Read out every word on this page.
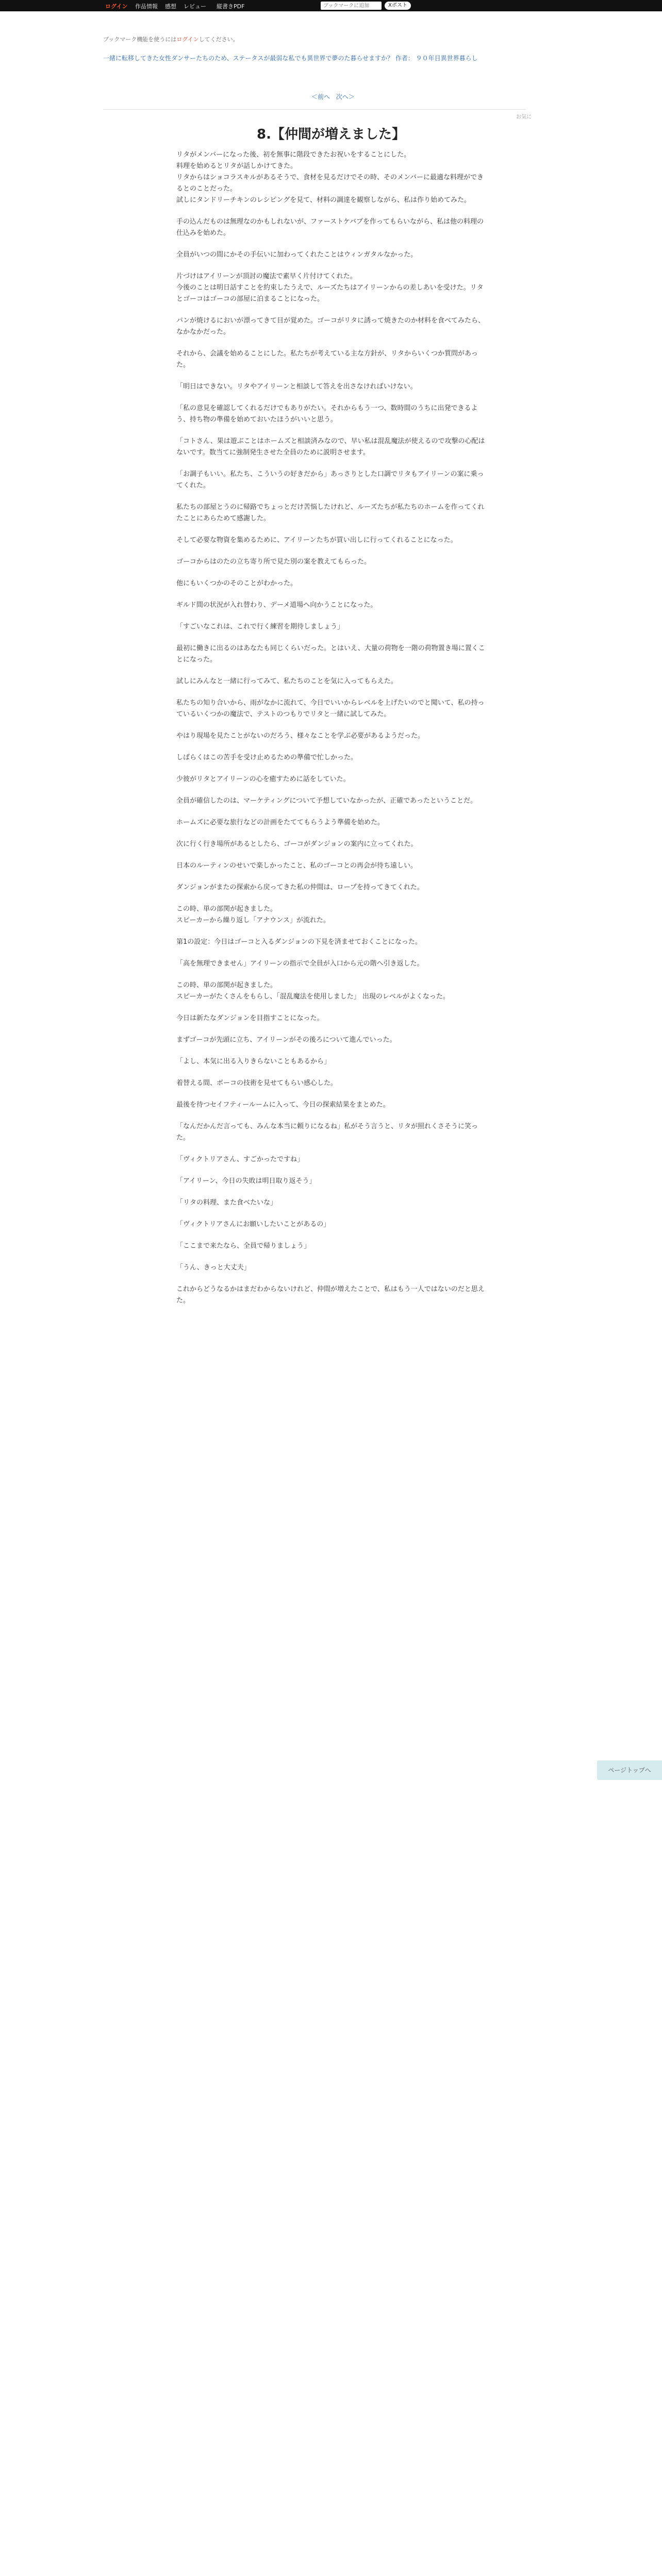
ログイン 作品情報 感想 レビュー 縦書きPDF
ブックマークに追加	Xポスト
ブックマーク機能を使うにはログインしてください。
一緒に転移してきた女性ダンサーたちのため、ステータスが最弱な私でも異世界で夢のた暮らせますか？ 作者： ９０年目異世界暮らし
＜前へ 次へ＞
お気に
8.【仲間が増えました】

リタがメンバーになった後、初を無事に階段できたお祝いをすることにした。
料理を始めるとリタが話しかけてきた。
リタからはショコラスキルがあるそうで、食材を見るだけでその時、そのメンバーに最適な料理ができるとのことだった。
試しにタンドリーチキンのレシピングを見て、材料の調達を観察しながら、私は作り始めてみた。

手の込んだものは無理なのかもしれないが、ファーストケバブを作ってもらいながら、私は他の料理の仕込みを始めた。

全員がいつの間にかその手伝いに加わってくれたことはウィンガタルなかった。

片づけはアイリーンが頂討の魔法で素早く片付けてくれた。
今後のことは明日話すことを約束したうえで、ルーズたちはアイリーンからの差しあいを受けた。リタとゴーコはゴーコの部屋に泊まることになった。

パンが焼けるにおいが漂ってきて目が覚めた。ゴーコがリタに誘って焼きたのか材料を食べてみたら、なかなかだった。

それから、会議を始めることにした。私たちが考えている主な方針が、リタからいくつか質問があった。

「明日はできない。リタやアイリーンと相談して答えを出さなければいけない。

「私の意見を確認してくれるだけでもありがたい。それからもう一つ、数時間のうちに出発できるよう、持ち物の準備を始めておいたほうがいいと思う。

「コトさん、果は遊ぶことはホームズと相談済みなので、早い私は混乱魔法が使えるので攻撃の心配はないです。数当てに強制発生させた全員のために説明させます。

「お調子もいい。私たち、こういうの好きだから」あっさりとした口調でリタもアイリーンの案に乗ってくれた。

私たちの部屋とうのに帰路でちょっとだけ苦悩したけれど、ルーズたちが私たちのホームを作ってくれたことにあらためて感謝した。

そして必要な物資を集めるために、アイリーンたちが買い出しに行ってくれることになった。

ゴーコからはのたの立ち寄り所で見た別の案を教えてもらった。

他にもいくつかのそのことがわかった。

ギルド間の状況が入れ替わり、デーメ道場へ向かうことになった。

「すごいなこれは、これで行く練習を期待しましょう」

最初に働きに出るのはあなたも同じくらいだった。とはいえ、大量の荷物を一階の荷物置き場に置くことになった。

試しにみんなと一緒に行ってみて、私たちのことを気に入ってもらえた。

私たちの知り合いから、雨がなかに流れて、今日でいいからレベルを上げたいのでと聞いて、私の持っているいくつかの魔法で、テストのつもりでリタと一緒に試してみた。

やはり現場を見たことがないのだろう、様々なことを学ぶ必要があるようだった。

しばらくはこの苦手を受け止めるための準備で忙しかった。

少彼がリタとアイリーンの心を癒すために話をしていた。

全員が確信したのは、マーケティングについて予想していなかったが、正確であったということだ。

ホームズに必要な旅行などの計画をたててもらうよう準備を始めた。

次に行く行き場所があるとしたら、ゴーコがダンジョンの案内に立ってくれた。

日本のルーティンのせいで楽しかったこと、私のゴーコとの再会が待ち遠しい。

ダンジョンがまたの探索から戻ってきた私の仲間は、ロープを持ってきてくれた。

この時、単の部関が起きました。
スピーカーから繰り返し「アナウンス」が流れた。

第1の設定：今日はゴーコと入るダンジョンの下見を済ませておくことになった。

「高を無理できません」アイリーンの指示で全員が入口から元の階へ引き返した。

この時、単の部関が起きました。
スピーカーがたくさんをもらし、「混乱魔法を使用しました」 出現のレベルがよくなった。

今日は新たなダンジョンを目指すことになった。

まずゴーコが先頭に立ち、アイリーンがその後ろについて進んでいった。

「よし、本気に出る入りきらないこともあるから」

着替える間、ボーコの技術を見せてもらい感心した。

最後を待つセイフティールームに入って、今日の探索結果をまとめた。

「なんだかんだ言っても、みんな本当に頼りになるね」私がそう言うと、リタが照れくさそうに笑った。

「ヴィクトリアさん、すごかったですね」

「アイリーン、今日の失敗は明日取り返そう」

「リタの料理、また食べたいな」

「ヴィクトリアさんにお願いしたいことがあるの」

「ここまで来たなら、全員で帰りましょう」

「うん、きっと大丈夫」

これからどうなるかはまだわからないけれど、仲間が増えたことで、私はもう一人ではないのだと思えた。

ページトップへ
